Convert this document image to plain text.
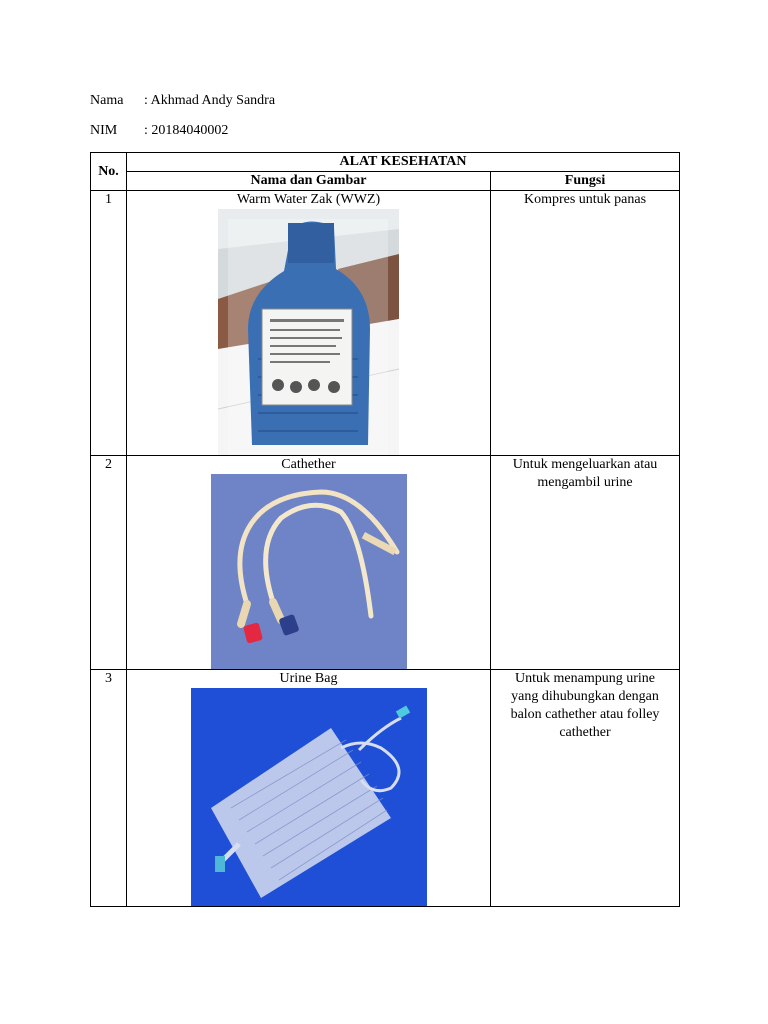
Nama : Akhmad Andy Sandra
NIM : 20184040002
No.	ALAT KESEHATAN	
	Nama dan Gambar	Fungsi
1	Warm Water Zak (WWZ)	Kompres untuk panas
2	Cathether	Untuk mengeluarkan atau mengambil urine
3	Urine Bag	Untuk menampung urine yang dihubungkan dengan balon cathether atau folley cathether
